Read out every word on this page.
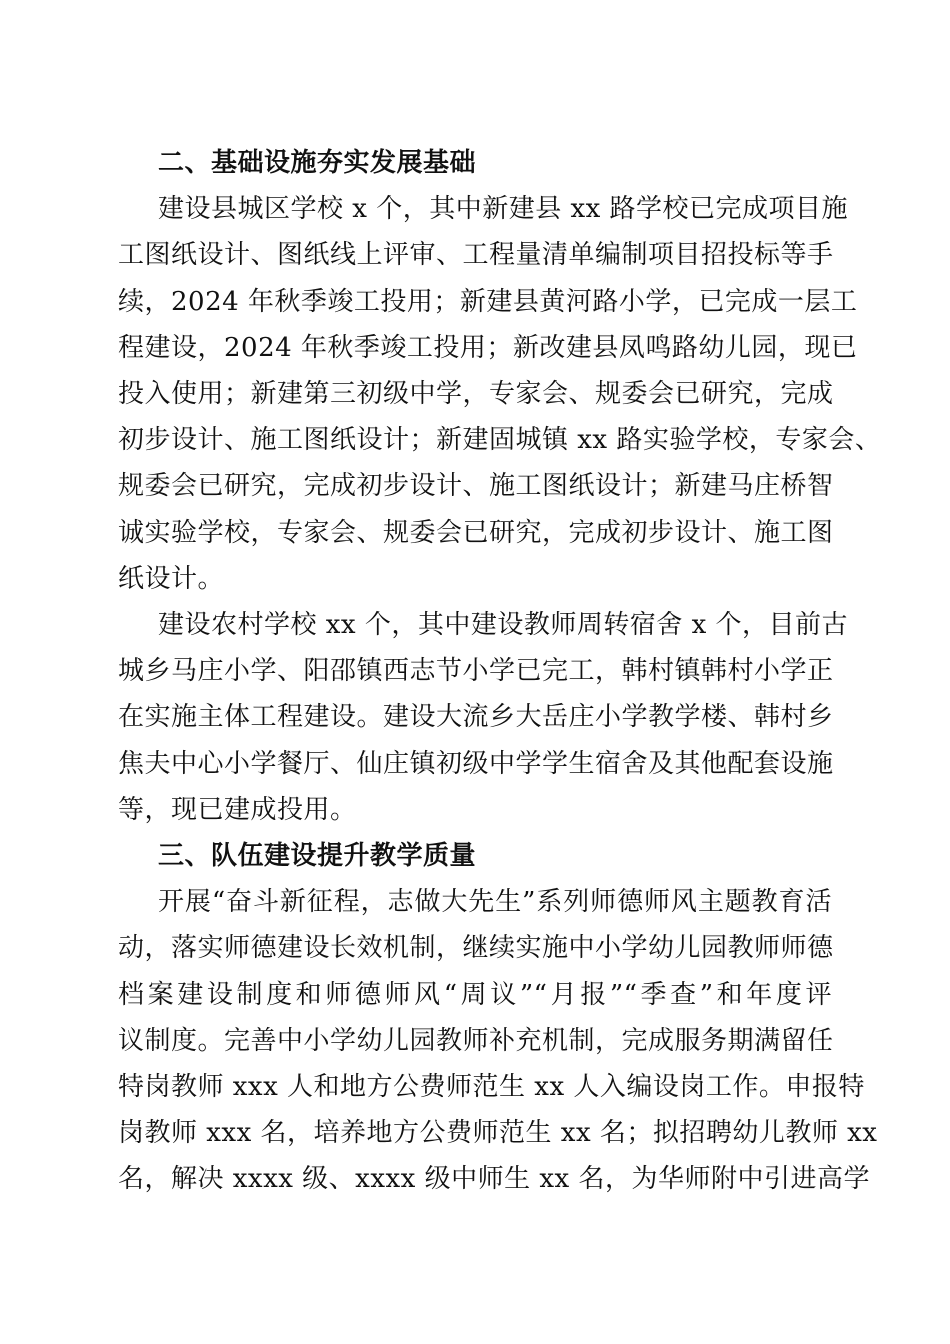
二、基础设施夯实发展基础
建设县城区学校 x 个，其中新建县 xx 路学校已完成项目施
工图纸设计、图纸线上评审、工程量清单编制项目招投标等手
续，2024 年秋季竣工投用；新建县黄河路小学，已完成一层工
程建设，2024 年秋季竣工投用；新改建县凤鸣路幼儿园，现已
投入使用；新建第三初级中学，专家会、规委会已研究，完成
初步设计、施工图纸设计；新建固城镇 xx 路实验学校，专家会、
规委会已研究，完成初步设计、施工图纸设计；新建马庄桥智
诚实验学校，专家会、规委会已研究，完成初步设计、施工图
纸设计。
建设农村学校 xx 个，其中建设教师周转宿舍 x 个，目前古
城乡马庄小学、阳邵镇西志节小学已完工，韩村镇韩村小学正
在实施主体工程建设。建设大流乡大岳庄小学教学楼、韩村乡
焦夫中心小学餐厅、仙庄镇初级中学学生宿舍及其他配套设施
等，现已建成投用。
三、队伍建设提升教学质量
开展“奋斗新征程，志做大先生”系列师德师风主题教育活
动，落实师德建设长效机制，继续实施中小学幼儿园教师师德
档案建设制度和师德师风“周议”“月报”“季查”和年度评
议制度。完善中小学幼儿园教师补充机制，完成服务期满留任
特岗教师 xxx 人和地方公费师范生 xx 人入编设岗工作。申报特
岗教师 xxx 名，培养地方公费师范生 xx 名；拟招聘幼儿教师 xx
名，解决 xxxx 级、xxxx 级中师生 xx 名，为华师附中引进高学
